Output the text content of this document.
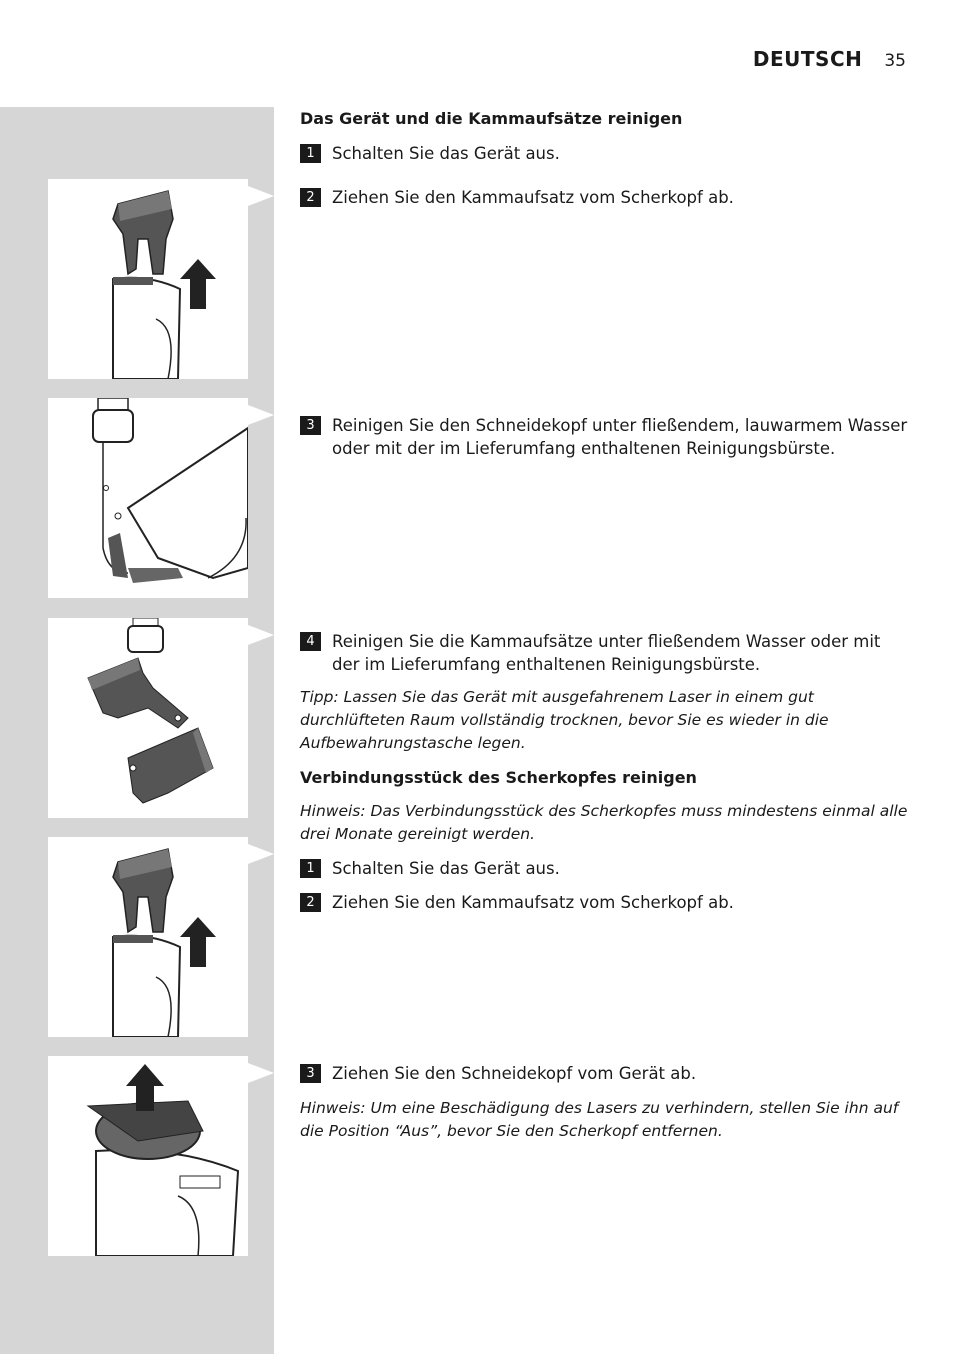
DEUTSCH 35
Das Gerät und die Kammaufsätze reinigen
1	Schalten Sie das Gerät aus.
2	Ziehen Sie den Kammaufsatz vom Scherkopf ab.
3	Reinigen Sie den Schneidekopf unter fließendem, lauwarmem Wasser oder mit der im Lieferumfang enthaltenen Reinigungsbürste.
4	Reinigen Sie die Kammaufsätze unter fließendem Wasser oder mit der im Lieferumfang enthaltenen Reinigungsbürste.
Tipp: Lassen Sie das Gerät mit ausgefahrenem Laser in einem gut durchlüfteten Raum vollständig trocknen, bevor Sie es wieder in die Aufbewahrungstasche legen.
Verbindungsstück des Scherkopfes reinigen
Hinweis: Das Verbindungsstück des Scherkopfes muss mindestens einmal alle drei Monate gereinigt werden.
1	Schalten Sie das Gerät aus.
2	Ziehen Sie den Kammaufsatz vom Scherkopf ab.
3	Ziehen Sie den Schneidekopf vom Gerät ab.
Hinweis: Um eine Beschädigung des Lasers zu verhindern, stellen Sie ihn auf die Position “Aus”, bevor Sie den Scherkopf entfernen.
